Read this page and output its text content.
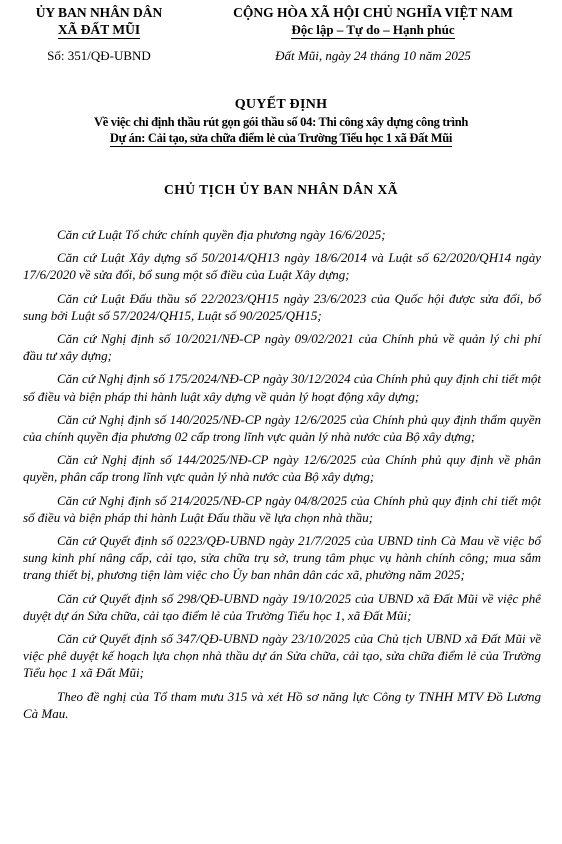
ỦY BAN NHÂN DÂN
XÃ ĐẤT MŨI
Số: 351/QĐ-UBND
CỘNG HÒA XÃ HỘI CHỦ NGHĨA VIỆT NAM
Độc lập – Tự do – Hạnh phúc
Đất Mũi, ngày 24 tháng 10 năm 2025
QUYẾT ĐỊNH
Về việc chỉ định thầu rút gọn gói thầu số 04: Thi công xây dựng công trình
Dự án: Cải tạo, sửa chữa điểm lẻ của Trường Tiểu học 1 xã Đất Mũi
CHỦ TỊCH ỦY BAN NHÂN DÂN XÃ

Căn cứ Luật Tổ chức chính quyền địa phương ngày 16/6/2025;

Căn cứ Luật Xây dựng số 50/2014/QH13 ngày 18/6/2014 và Luật số 62/2020/QH14 ngày 17/6/2020 về sửa đổi, bổ sung một số điều của Luật Xây dựng;

Căn cứ Luật Đấu thầu số 22/2023/QH15 ngày 23/6/2023 của Quốc hội được sửa đổi, bổ sung bởi Luật số 57/2024/QH15, Luật số 90/2025/QH15;

Căn cứ Nghị định số 10/2021/NĐ-CP ngày 09/02/2021 của Chính phủ về quản lý chi phí đầu tư xây dựng;

Căn cứ Nghị định số 175/2024/NĐ-CP ngày 30/12/2024 của Chính phủ quy định chi tiết một số điều và biện pháp thi hành luật xây dựng về quản lý hoạt động xây dựng;

Căn cứ Nghị định số 140/2025/NĐ-CP ngày 12/6/2025 của Chính phủ quy định thẩm quyền của chính quyền địa phương 02 cấp trong lĩnh vực quản lý nhà nước của Bộ xây dựng;

Căn cứ Nghị định số 144/2025/NĐ-CP ngày 12/6/2025 của Chính phủ quy định về phân quyền, phân cấp trong lĩnh vực quản lý nhà nước của Bộ xây dựng;

Căn cứ Nghị định số 214/2025/NĐ-CP ngày 04/8/2025 của Chính phủ quy định chi tiết một số điều và biện pháp thi hành Luật Đấu thầu về lựa chọn nhà thầu;

Căn cứ Quyết định số 0223/QĐ-UBND ngày 21/7/2025 của UBND tỉnh Cà Mau về việc bổ sung kinh phí nâng cấp, cải tạo, sửa chữa trụ sở, trung tâm phục vụ hành chính công; mua sắm trang thiết bị, phương tiện làm việc cho Ủy ban nhân dân các xã, phường năm 2025;

Căn cứ Quyết định số 298/QĐ-UBND ngày 19/10/2025 của UBND xã Đất Mũi về việc phê duyệt dự án Sửa chữa, cải tạo điểm lẻ của Trường Tiểu học 1, xã Đất Mũi;

Căn cứ Quyết định số 347/QĐ-UBND ngày 23/10/2025 của Chủ tịch UBND xã Đất Mũi về việc phê duyệt kế hoạch lựa chọn nhà thầu dự án Sửa chữa, cải tạo, sửa chữa điểm lẻ của Trường Tiểu học 1 xã Đất Mũi;

Theo đề nghị của Tổ tham mưu 315 và xét Hồ sơ năng lực Công ty TNHH MTV Đồ Lương Cà Mau.
